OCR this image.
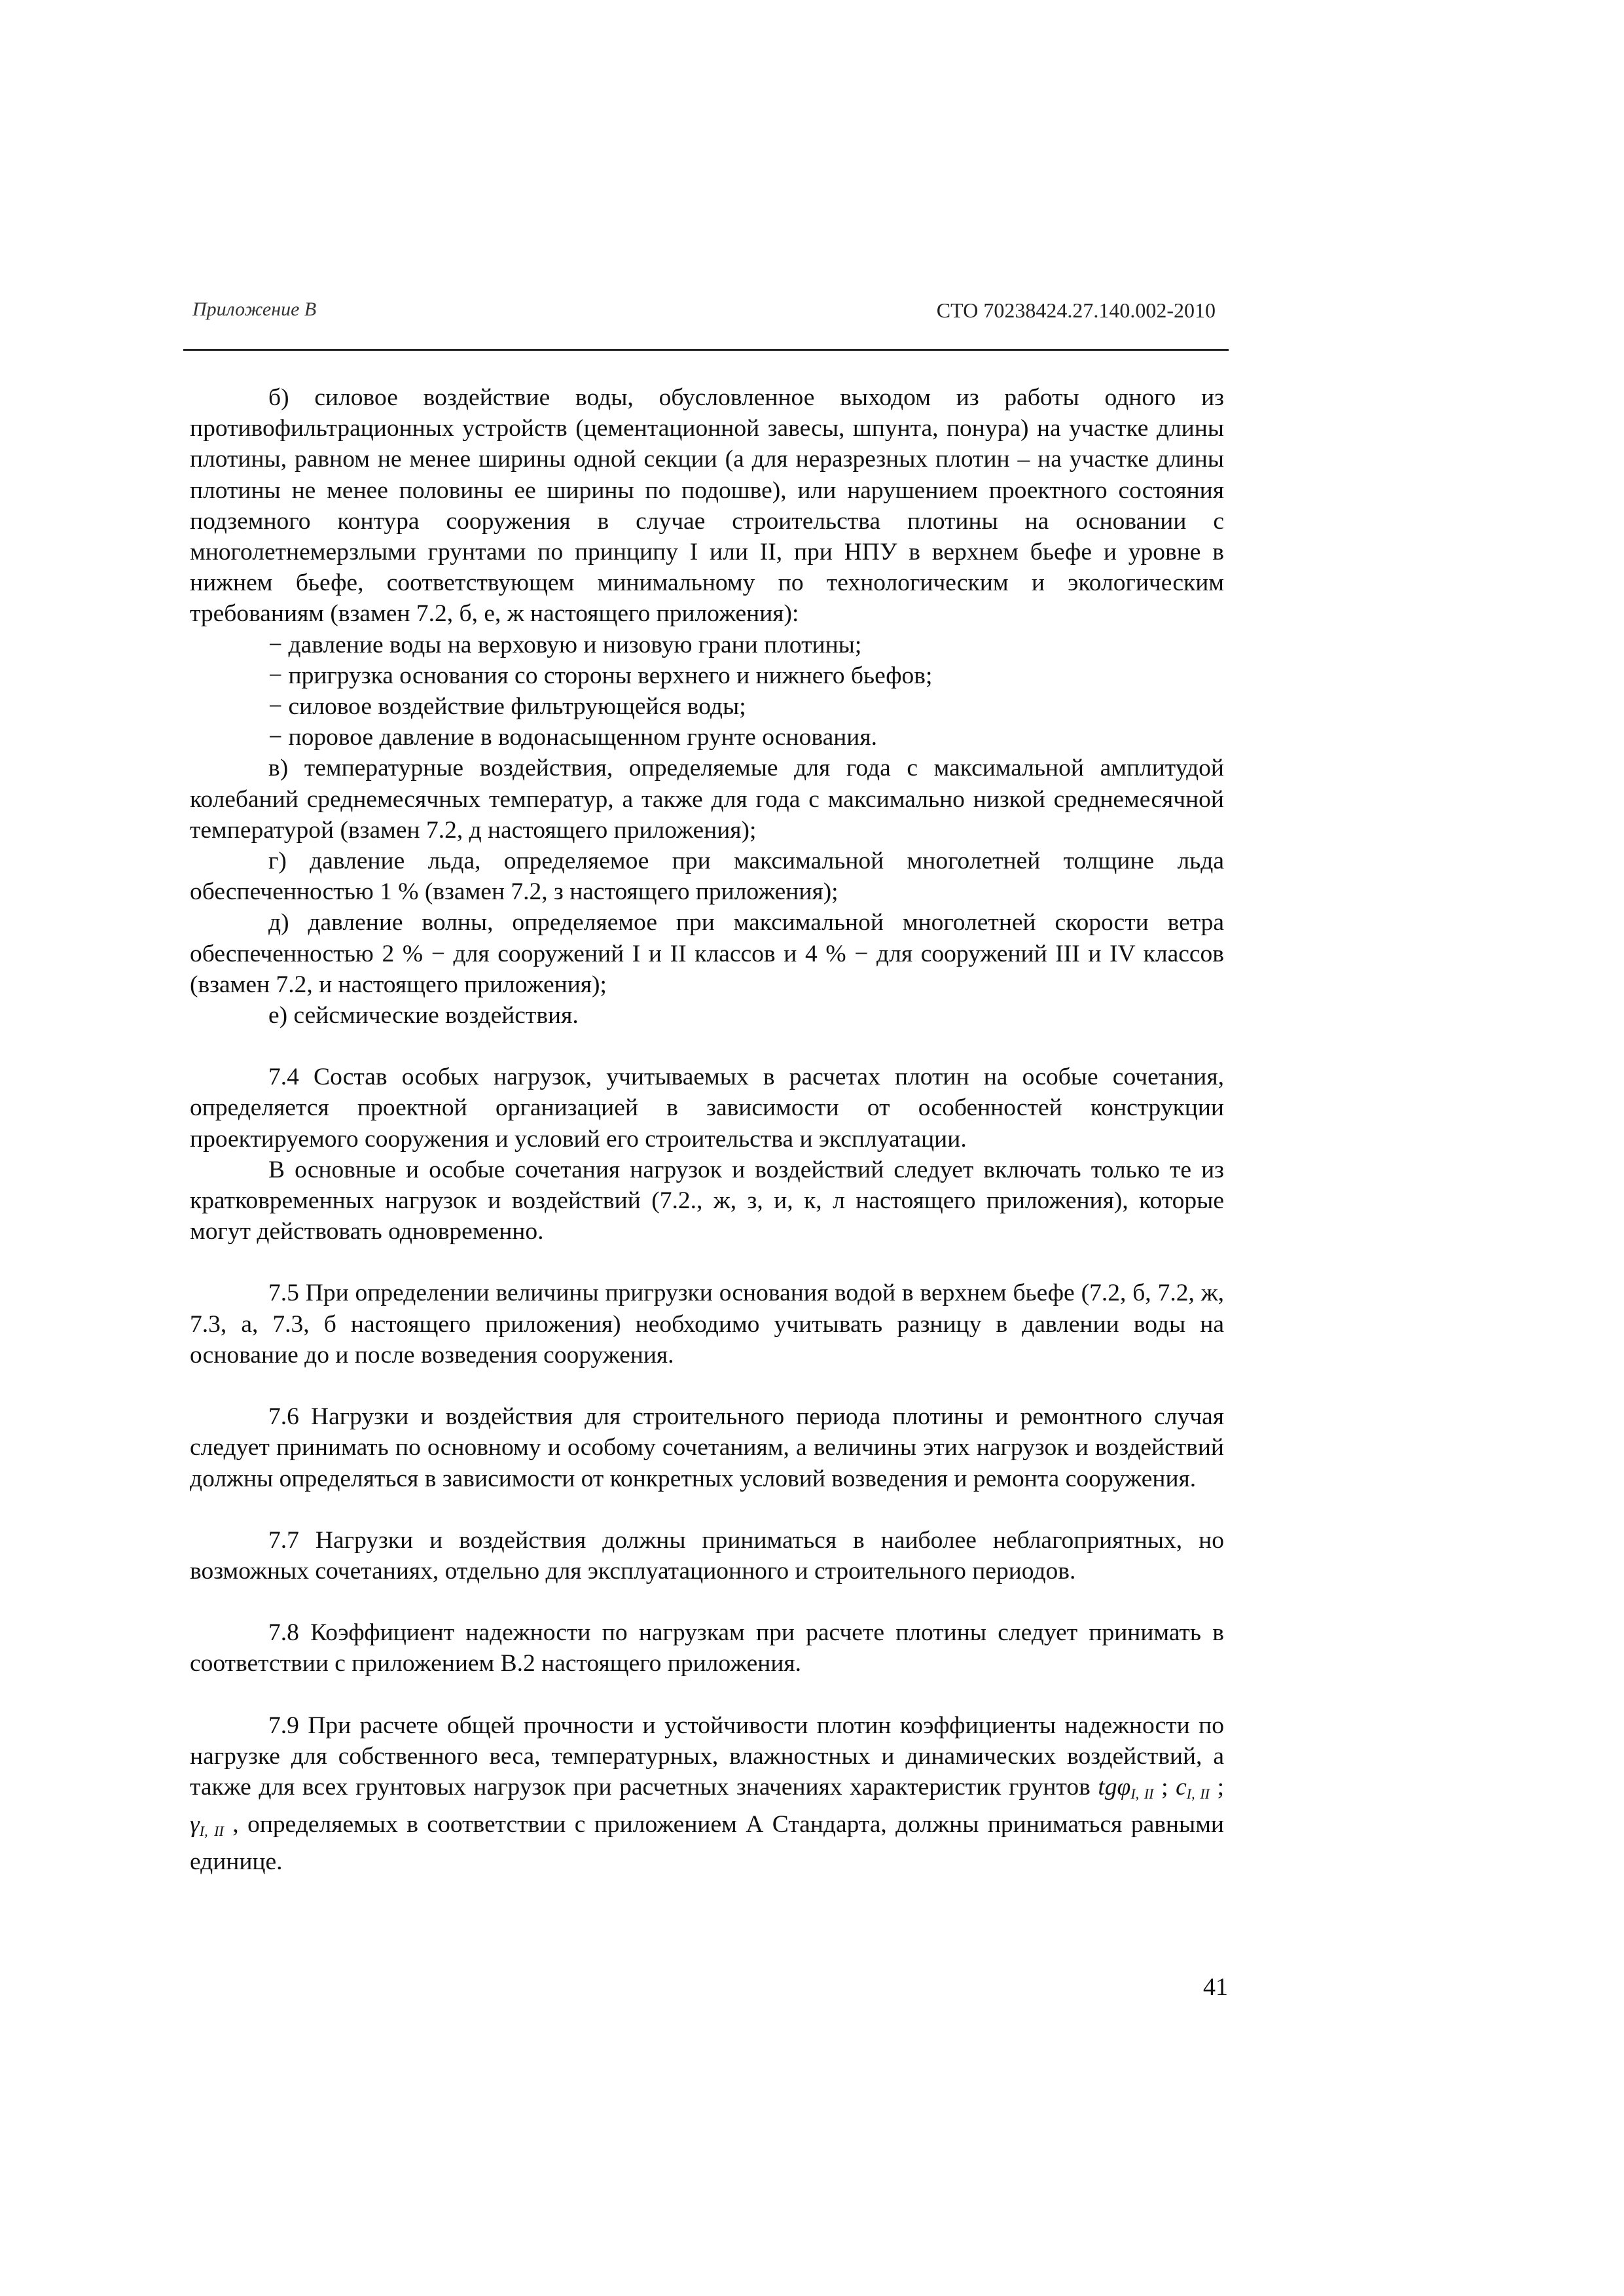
Приложение В	СТО 70238424.27.140.002-2010

б) силовое воздействие воды, обусловленное выходом из работы одного из противофильтрационных устройств (цементационной завесы, шпунта, понура) на участке длины плотины, равном не менее ширины одной секции (а для неразрезных плотин – на участке длины плотины не менее половины ее ширины по подошве), или нарушением проектного состояния подземного контура сооружения в случае строительства плотины на основании с многолетнемерзлыми грунтами по принципу I или II, при НПУ в верхнем бьефе и уровне в нижнем бьефе, соответствующем минимальному по технологическим и экологическим требованиям (взамен 7.2, б, е, ж настоящего приложения):

− давление воды на верховую и низовую грани плотины;

− пригрузка основания со стороны верхнего и нижнего бьефов;

− силовое воздействие фильтрующейся воды;

− поровое давление в водонасыщенном грунте основания.

в) температурные воздействия, определяемые для года с максимальной амплитудой колебаний среднемесячных температур, а также для года с максимально низкой среднемесячной температурой (взамен 7.2, д настоящего приложения);

г) давление льда, определяемое при максимальной многолетней толщине льда обеспеченностью 1 % (взамен 7.2, з настоящего приложения);

д) давление волны, определяемое при максимальной многолетней скорости ветра обеспеченностью 2 % − для сооружений I и II классов и 4 % − для сооружений III и IV классов (взамен 7.2, и настоящего приложения);

е) сейсмические воздействия.

7.4 Состав особых нагрузок, учитываемых в расчетах плотин на особые сочетания, определяется проектной организацией в зависимости от особенностей конструкции проектируемого сооружения и условий его строительства и эксплуатации.

В основные и особые сочетания нагрузок и воздействий следует включать только те из кратковременных нагрузок и воздействий (7.2., ж, з, и, к, л настоящего приложения), которые могут действовать одновременно.

7.5 При определении величины пригрузки основания водой в верхнем бьефе (7.2, б, 7.2, ж, 7.3, а, 7.3, б настоящего приложения) необходимо учитывать разницу в давлении воды на основание до и после возведения сооружения.

7.6 Нагрузки и воздействия для строительного периода плотины и ремонтного случая следует принимать по основному и особому сочетаниям, а величины этих нагрузок и воздействий должны определяться в зависимости от конкретных условий возведения и ремонта сооружения.

7.7 Нагрузки и воздействия должны приниматься в наиболее неблагоприятных, но возможных сочетаниях, отдельно для эксплуатационного и строительного периодов.

7.8 Коэффициент надежности по нагрузкам при расчете плотины следует принимать в соответствии с приложением В.2 настоящего приложения.

7.9 При расчете общей прочности и устойчивости плотин коэффициенты надежности по нагрузке для собственного веса, температурных, влажностных и динамических воздействий, а также для всех грунтовых нагрузок при расчетных значениях характеристик грунтов tgφ$_{I, II}$ ; $c_{I, II}$ ; $\gamma_{I, II}$ , определяемых в соответствии с приложением А Стандарта, должны приниматься равными единице.

41
